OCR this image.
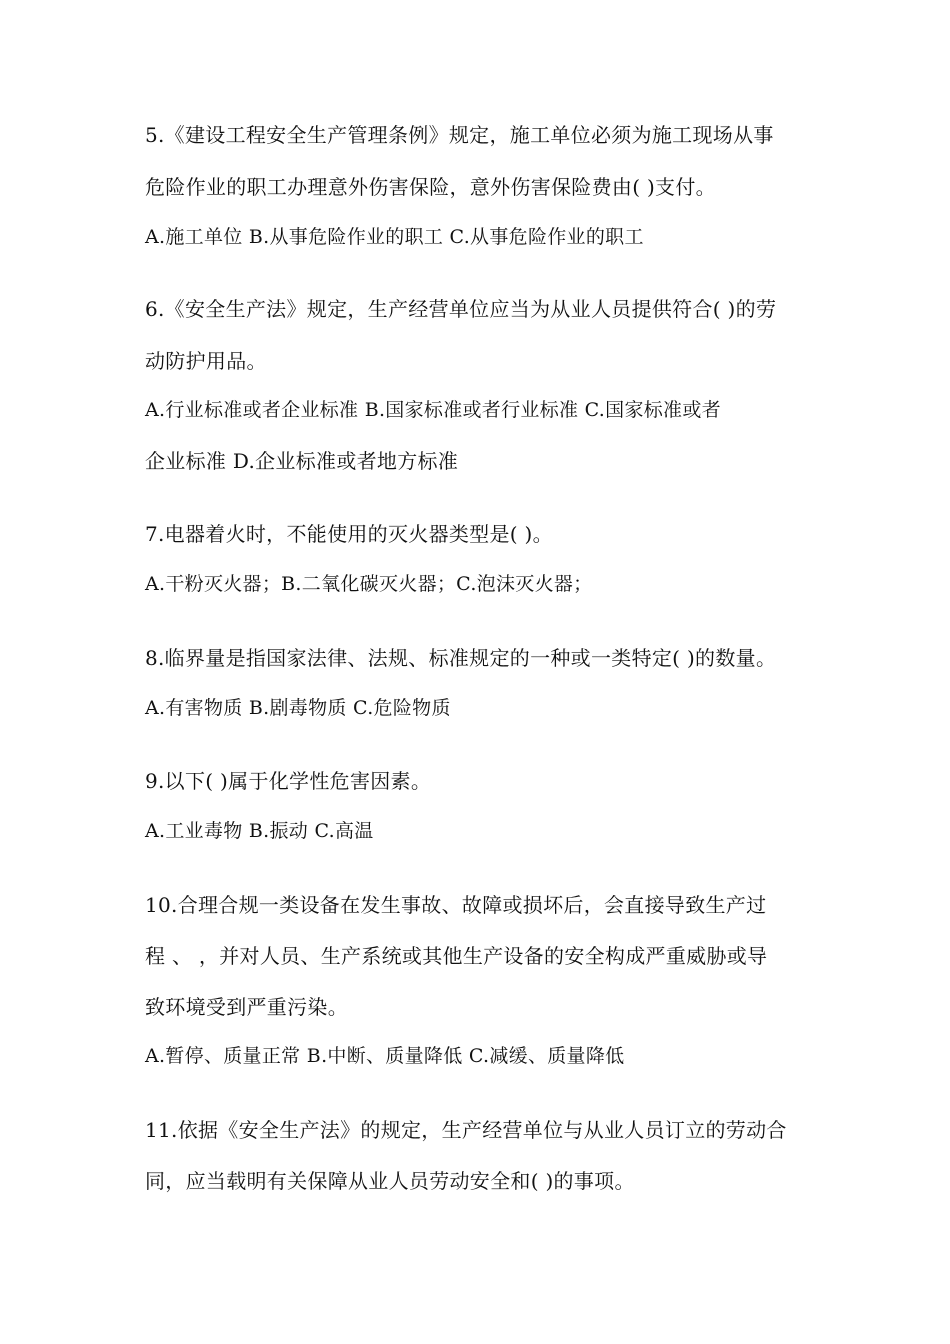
5.《建设工程安全生产管理条例》规定，施工单位必须为施工现场从事
危险作业的职工办理意外伤害保险，意外伤害保险费由( )支付。
A.施工单位 B.从事危险作业的职工 C.从事危险作业的职工
6.《安全生产法》规定，生产经营单位应当为从业人员提供符合( )的劳
动防护用品。
A.行业标准或者企业标准 B.国家标准或者行业标准 C.国家标准或者
企业标准 D.企业标准或者地方标准
7.电器着火时，不能使用的灭火器类型是( )。
A.干粉灭火器；B.二氧化碳灭火器；C.泡沫灭火器；
8.临界量是指国家法律、法规、标准规定的一种或一类特定( )的数量。
A.有害物质 B.剧毒物质 C.危险物质
9.以下( )属于化学性危害因素。
A.工业毒物 B.振动 C.高温
10.合理合规一类设备在发生事故、故障或损坏后，会直接导致生产过
程 、 ，并对人员、生产系统或其他生产设备的安全构成严重威胁或导
致环境受到严重污染。
A.暂停、质量正常 B.中断、质量降低 C.减缓、质量降低
11.依据《安全生产法》的规定，生产经营单位与从业人员订立的劳动合
同，应当载明有关保障从业人员劳动安全和( )的事项。
